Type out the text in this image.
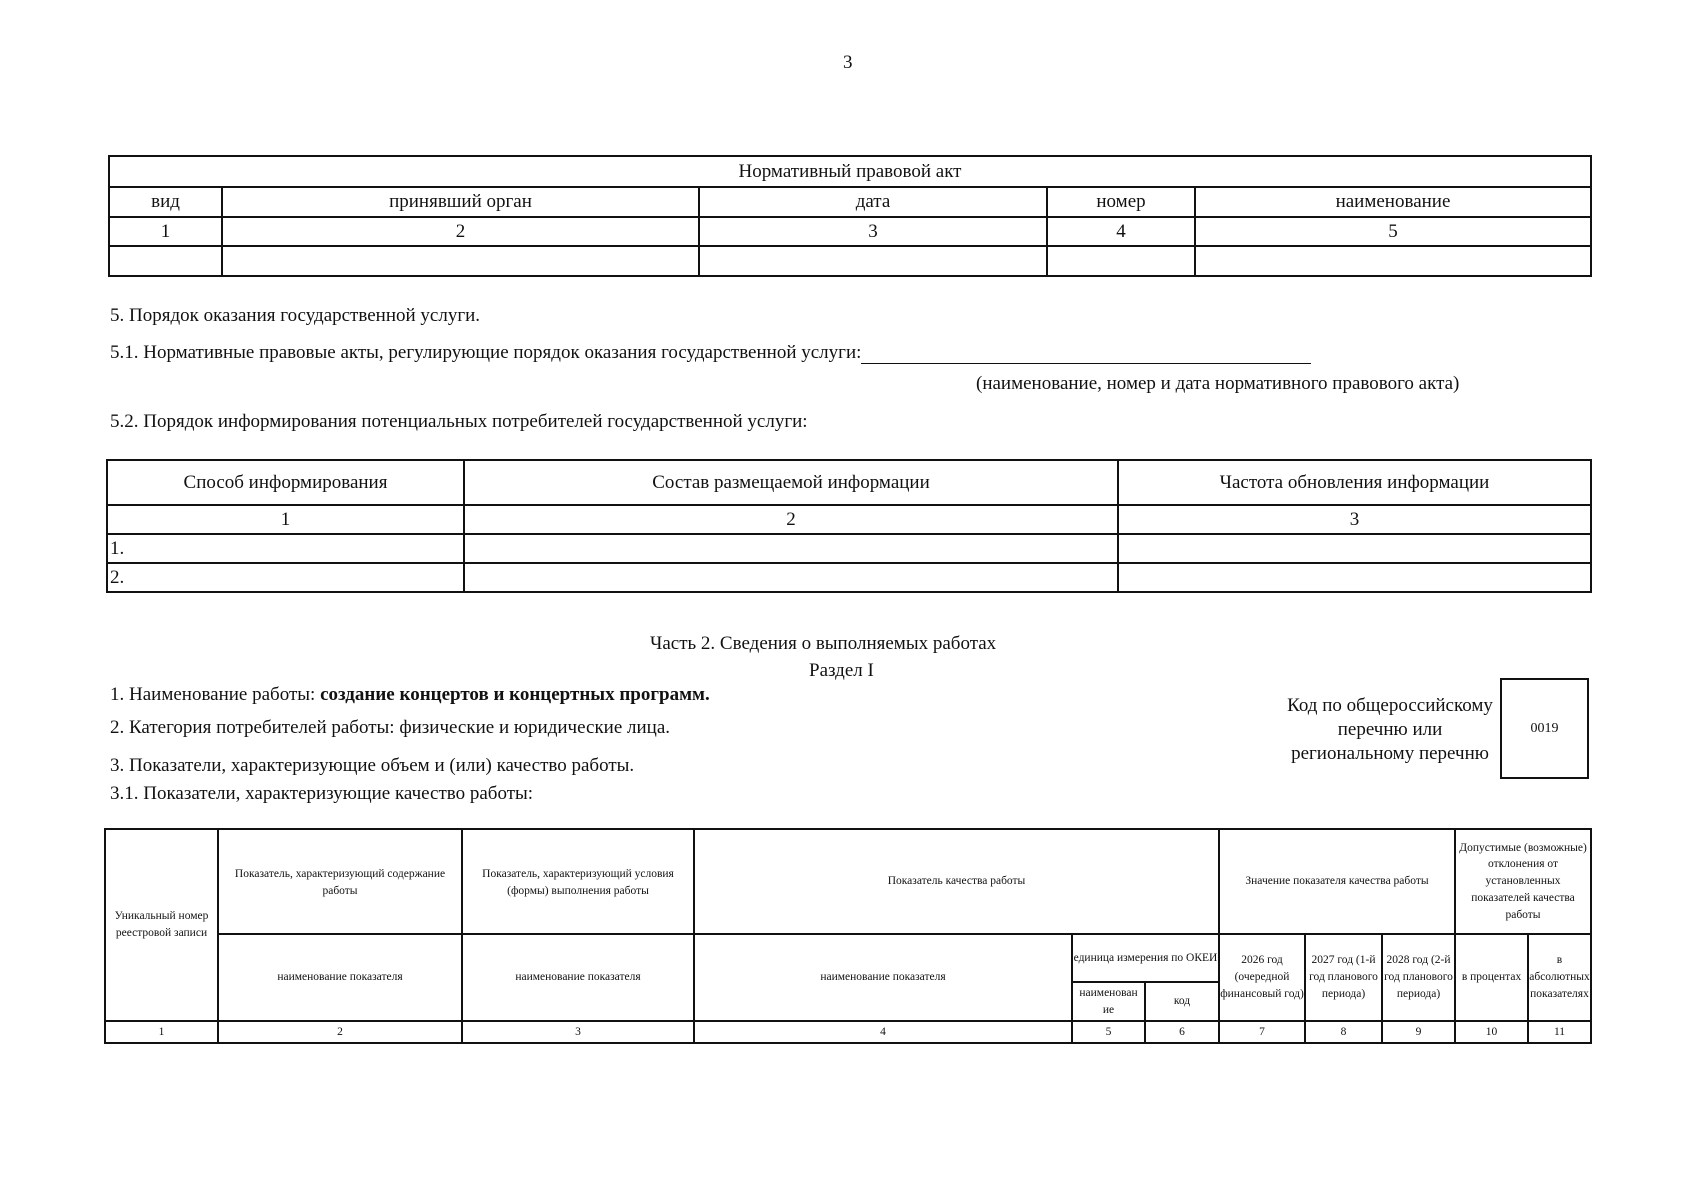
3
Нормативный правовой акт				
вид	принявший орган	дата	номер	наименование
1	2	3	4	5

5. Порядок оказания государственной услуги.
5.1. Нормативные правовые акты, регулирующие порядок оказания государственной услуги:
(наименование, номер и дата нормативного правового акта)
5.2. Порядок информирования потенциальных потребителей государственной услуги:
Способ информирования	Состав размещаемой информации	Частота обновления информации
1	2	3
1.		
2.		
Часть 2. Сведения о выполняемых работах
Раздел I
1. Наименование работы: создание концертов и концертных программ.
2. Категория потребителей работы: физические и юридические лица.
3. Показатели, характеризующие объем и (или) качество работы.
3.1. Показатели, характеризующие качество работы:
Код по общероссийскому
перечню или
региональному перечню
0019
Уникальный номер реестровой записи	Показатель, характеризующий содержание работы	Показатель, характеризующий условия (формы) выполнения работы	Показатель качества работы			Значение показателя качества работы			Допустимые (возможные) отклонения от установленных показателей качества работы	
	наименование показателя	наименование показателя	наименование показателя	единица измерения по ОКЕИ		2026 год (очередной финансовый год)	2027 год (1-й год планового периода)	2028 год (2-й год планового периода)	в процентах	в абсолютных показателях
				наименован ие	код					
1	2	3	4	5	6	7	8	9	10	11
